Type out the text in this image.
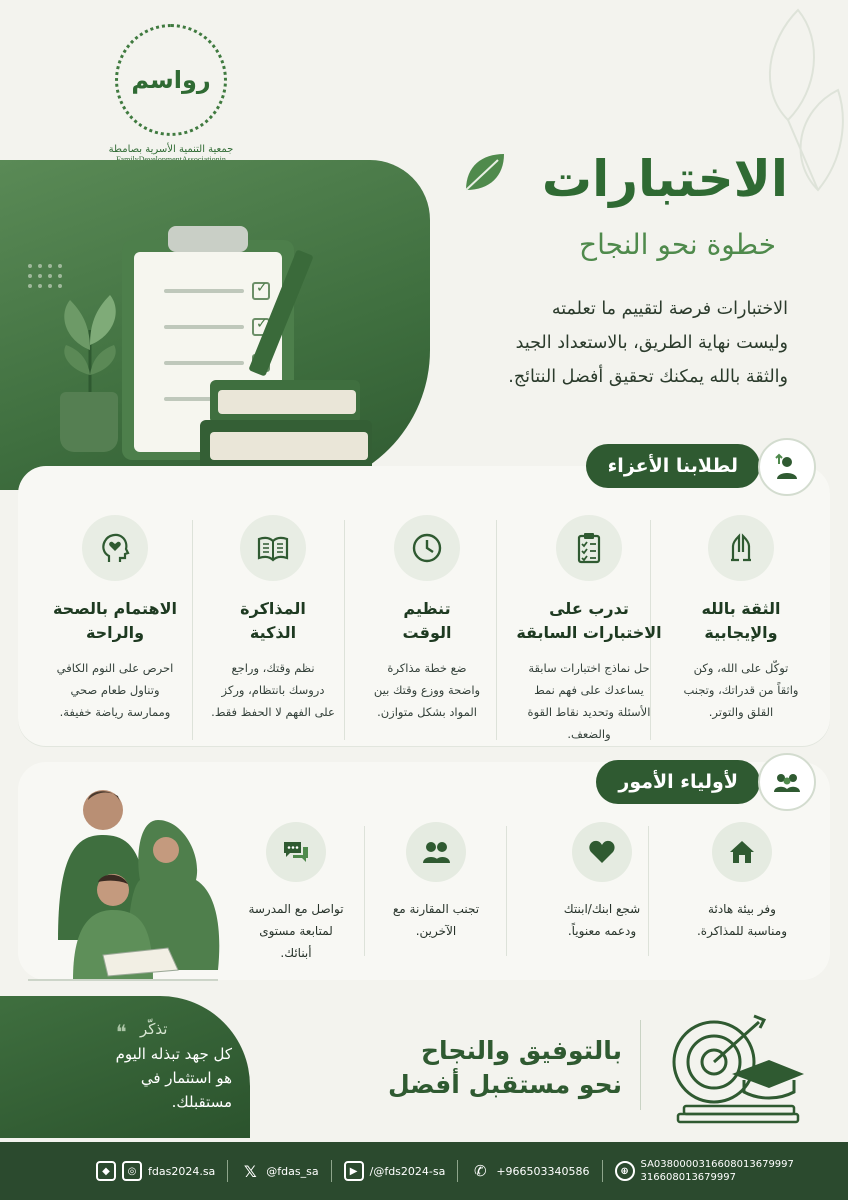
رواسم
جمعية التنمية الأسرية بصامطة
✓
✓
✓
✓
الاختبارات
خطوة نحو النجاح
الاختبارات فرصة لتقييم ما تعلمته
وليست نهاية الطريق، بالاستعداد الجيد
والثقة بالله يمكنك تحقيق أفضل النتائج.
لطلابنا الأعزاء
الثقة بالله
والإيجابية

توكّل على الله، وكن
واثقاً من قدراتك، وتجنب
القلق والتوتر.

تدرب على
الاختبارات السابقة

حل نماذج اختبارات سابقة
يساعدك على فهم نمط
الأسئلة وتحديد نقاط القوة
والضعف.

تنظيم
الوقت

ضع خطة مذاكرة
واضحة ووزع وقتك بين
المواد بشكل متوازن.

المذاكرة
الذكية

نظم وقتك، وراجع
دروسك بانتظام، وركز
على الفهم لا الحفظ فقط.

الاهتمام بالصحة
والراحة

احرص على النوم الكافي
وتناول طعام صحي
وممارسة رياضة خفيفة.

لأولياء الأمور

وفر بيئة هادئة
ومناسبة للمذاكرة.

شجع ابنك/ابنتك
ودعمه معنوياً.

تجنب المقارنة مع
الآخرين.

تواصل مع المدرسة
لمتابعة مستوى
أبنائك.

❝ تذكّر
كل جهد تبذله اليوم
هو استثمار في
مستقبلك.
بالتوفيق والنجاح
نحو مستقبل أفضل
◆	◎	fdas2024.sa 𝕏 @fdas_sa	▶	/@fds2024-sa ✆ +966503340586	⊕
SA0380000316608013679997
316608013679997
